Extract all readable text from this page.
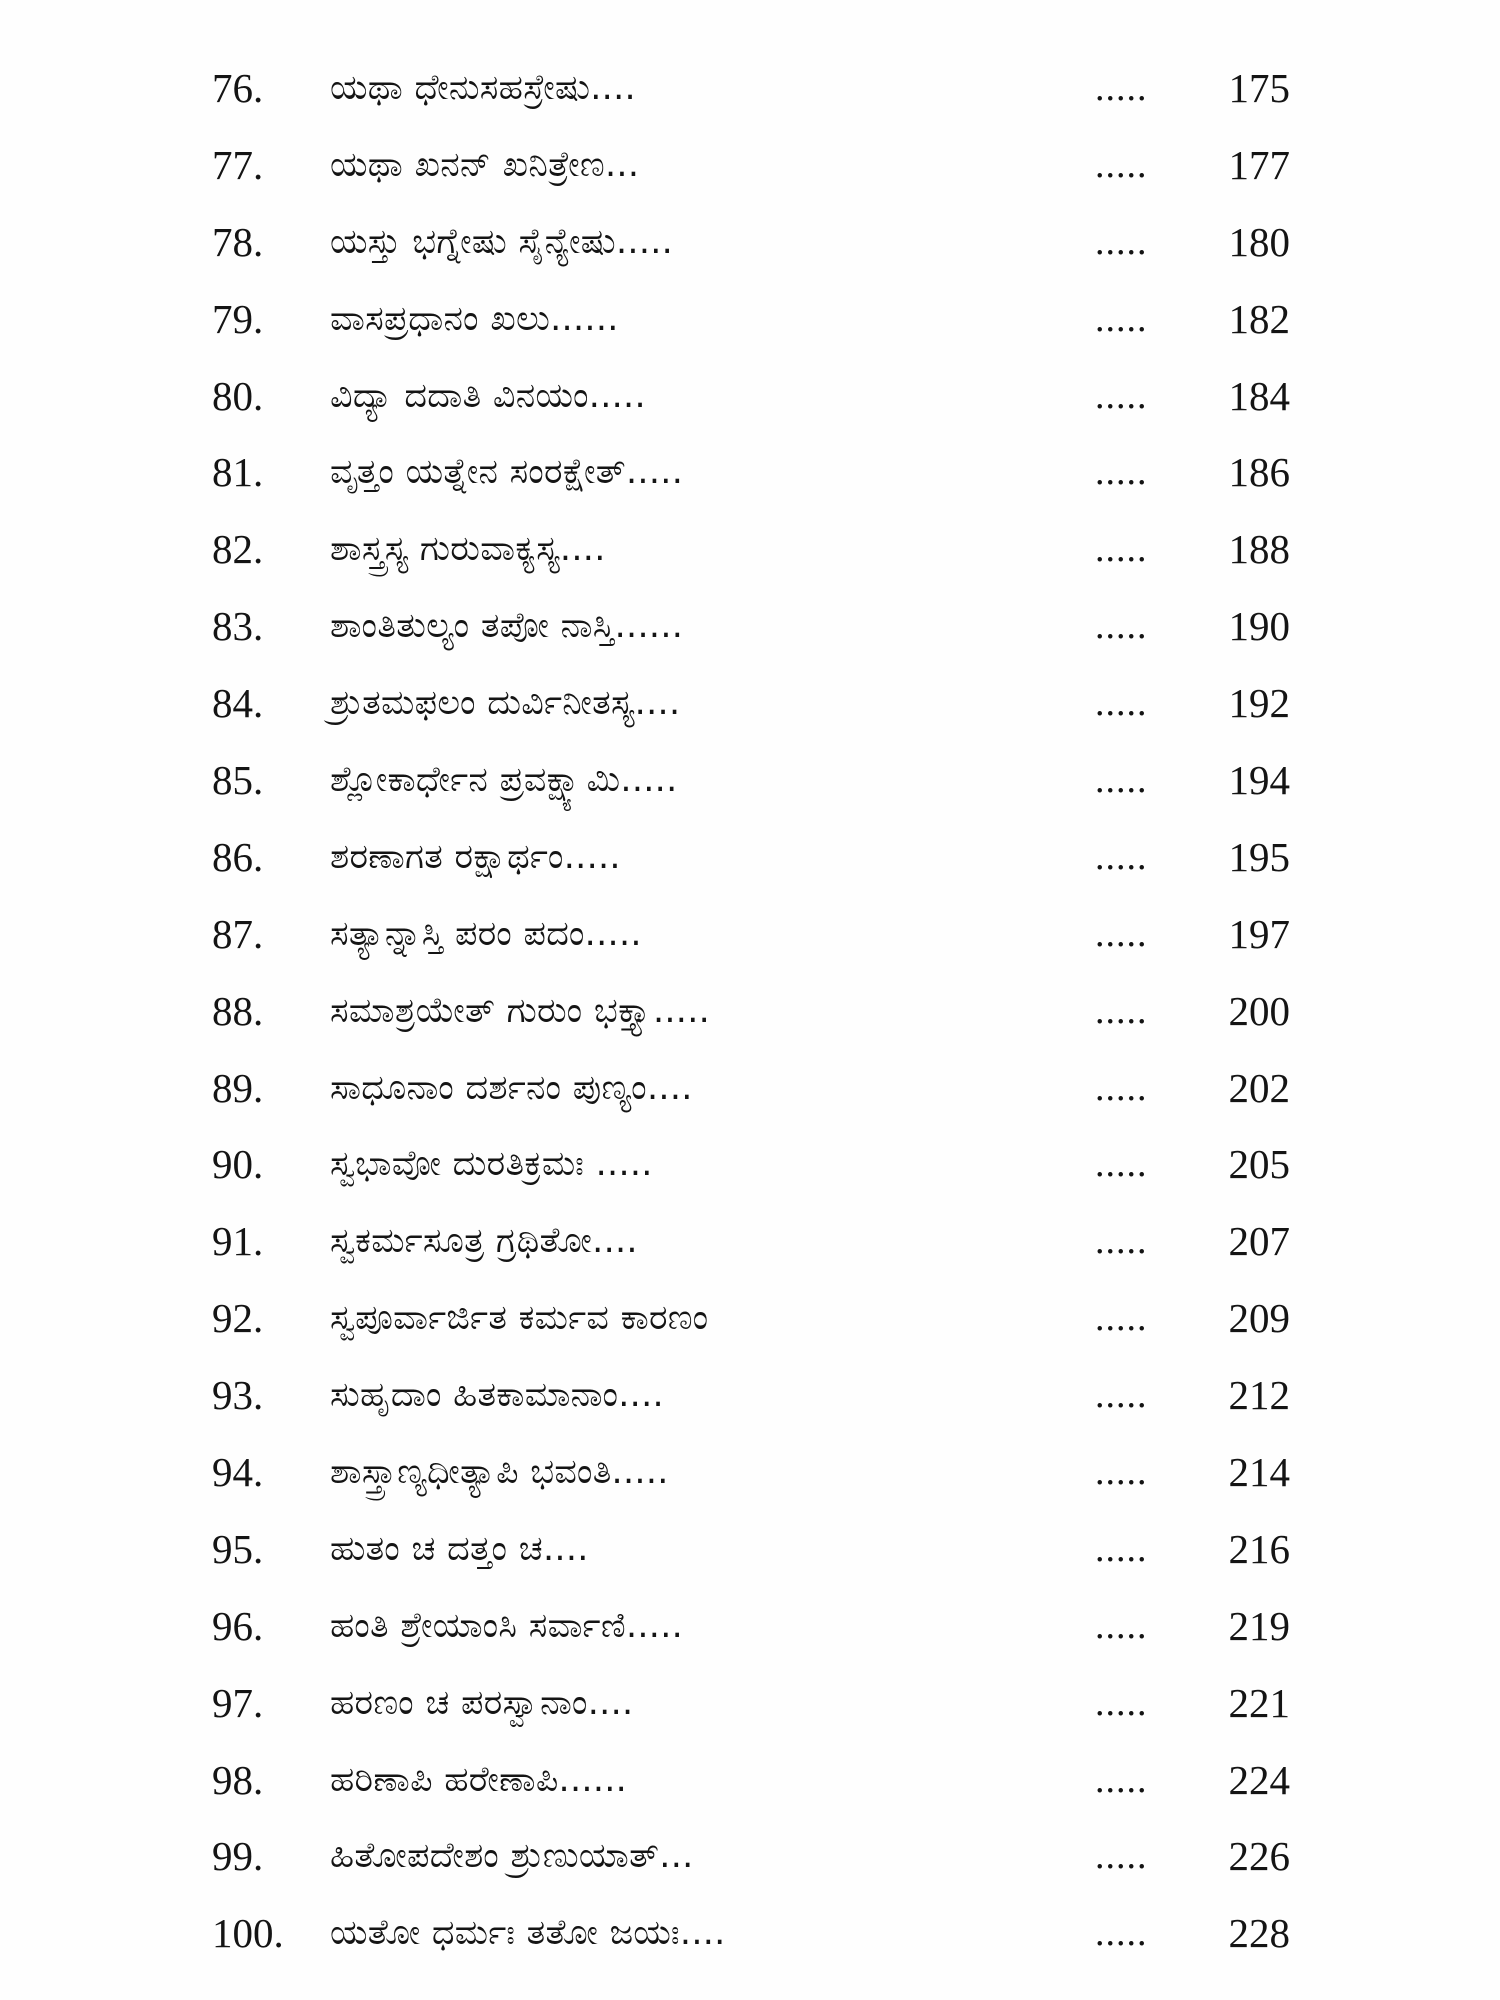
76. ಯಥಾ ಧೇನುಸಹಸ್ರೇಷು....	.....	175
77. ಯಥಾ ಖನನ್ ಖನಿತ್ರೇಣ...	.....	177
78. ಯಸ್ತು ಭಗ್ನೇಷು ಸೈನ್ಯೇಷು.....	.....	180
79. ವಾಸಪ್ರಧಾನಂ ಖಲು......	.....	182
80. ವಿದ್ಯಾ ದದಾತಿ ವಿನಯಂ.....	.....	184
81. ವೃತ್ತಂ ಯತ್ನೇನ ಸಂರಕ್ಷೇತ್.....	.....	186
82. ಶಾಸ್ತ್ರಸ್ಯ ಗುರುವಾಕ್ಯಸ್ಯ....	.....	188
83. ಶಾಂತಿತುಲ್ಯಂ ತಪೋ ನಾಸ್ತಿ......	.....	190
84. ಶ್ರುತಮಫಲಂ ದುರ್ವಿನೀತಸ್ಯ....	.....	192
85. ಶ್ಲೋಕಾರ್ಧೇನ ಪ್ರವಕ್ಷ್ಯಾಮಿ.....	.....	194
86. ಶರಣಾಗತ ರಕ್ಷಾರ್ಥಂ.....	.....	195
87. ಸತ್ಯಾನ್ನಾಸ್ತಿ ಪರಂ ಪದಂ.....	.....	197
88. ಸಮಾಶ್ರಯೇತ್ ಗುರುಂ ಭಕ್ತ್ಯಾ.....	.....	200
89. ಸಾಧೂನಾಂ ದರ್ಶನಂ ಪುಣ್ಯಂ....	.....	202
90. ಸ್ವಭಾವೋ ದುರತಿಕ್ರಮಃ .....	.....	205
91. ಸ್ವಕರ್ಮಸೂತ್ರ ಗ್ರಥಿತೋ....	.....	207
92. ಸ್ವಪೂರ್ವಾರ್ಜಿತ ಕರ್ಮವ ಕಾರಣಂ	.....	209
93. ಸುಹೃದಾಂ ಹಿತಕಾಮಾನಾಂ....	.....	212
94. ಶಾಸ್ತ್ರಾಣ್ಯಧೀತ್ಯಾಪಿ ಭವಂತಿ.....	.....	214
95. ಹುತಂ ಚ ದತ್ತಂ ಚ....	.....	216
96. ಹಂತಿ ಶ್ರೇಯಾಂಸಿ ಸರ್ವಾಣಿ.....	.....	219
97. ಹರಣಂ ಚ ಪರಸ್ವಾನಾಂ....	.....	221
98. ಹರಿಣಾಪಿ ಹರೇಣಾಪಿ......	.....	224
99. ಹಿತೋಪದೇಶಂ ಶ್ರುಣುಯಾತ್...	.....	226
100. ಯತೋ ಧರ್ಮಃ ತತೋ ಜಯಃ....	.....	228
